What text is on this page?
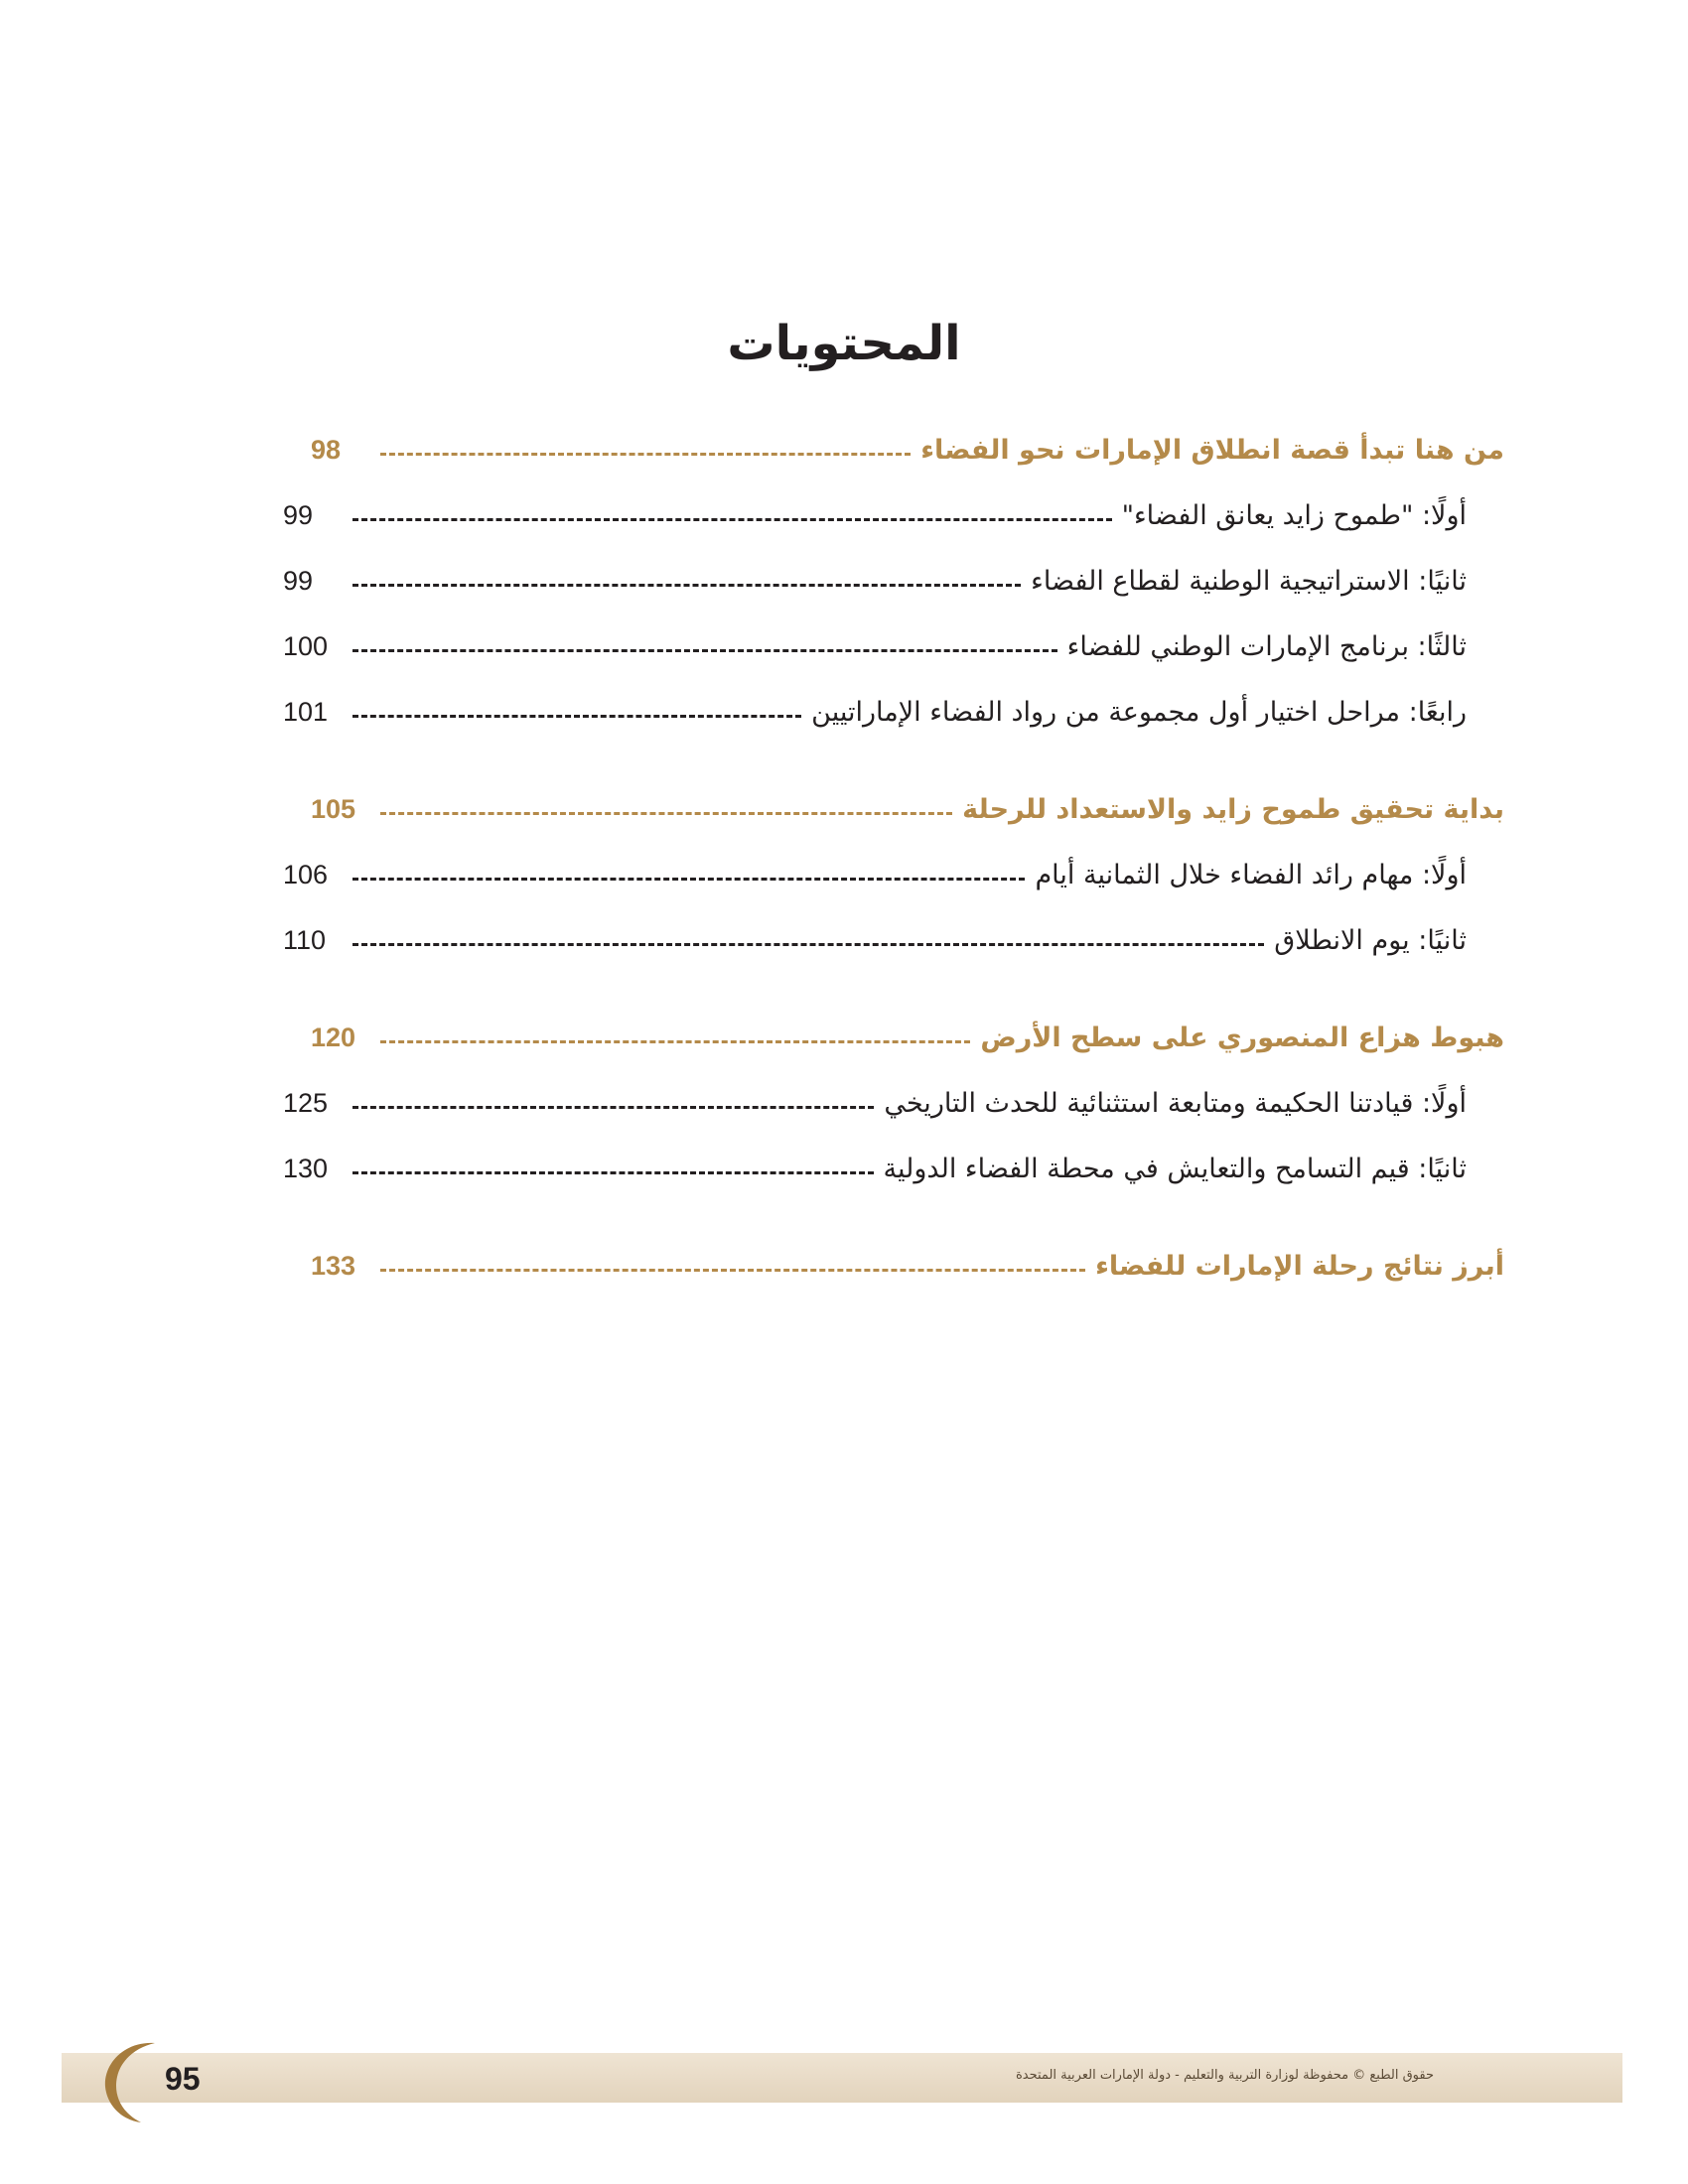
المحتويات
من هنا تبدأ قصة انطلاق الإمارات نحو الفضاء
98
أولًا: "طموح زايد يعانق الفضاء"
99
ثانيًا: الاستراتيجية الوطنية لقطاع الفضاء
99
ثالثًا: برنامج الإمارات الوطني للفضاء
100
رابعًا: مراحل اختيار أول مجموعة من رواد الفضاء الإماراتيين
101
بداية تحقيق طموح زايد والاستعداد للرحلة
105
أولًا: مهام رائد الفضاء خلال الثمانية أيام
106
ثانيًا: يوم الانطلاق
110
هبوط هزاع المنصوري على سطح الأرض
120
أولًا: قيادتنا الحكيمة ومتابعة استثنائية للحدث التاريخي
125
ثانيًا: قيم التسامح والتعايش في محطة الفضاء الدولية
130
أبرز نتائج رحلة الإمارات للفضاء
133
حقوق الطبع © محفوظة لوزارة التربية والتعليم - دولة الإمارات العربية المتحدة
95
